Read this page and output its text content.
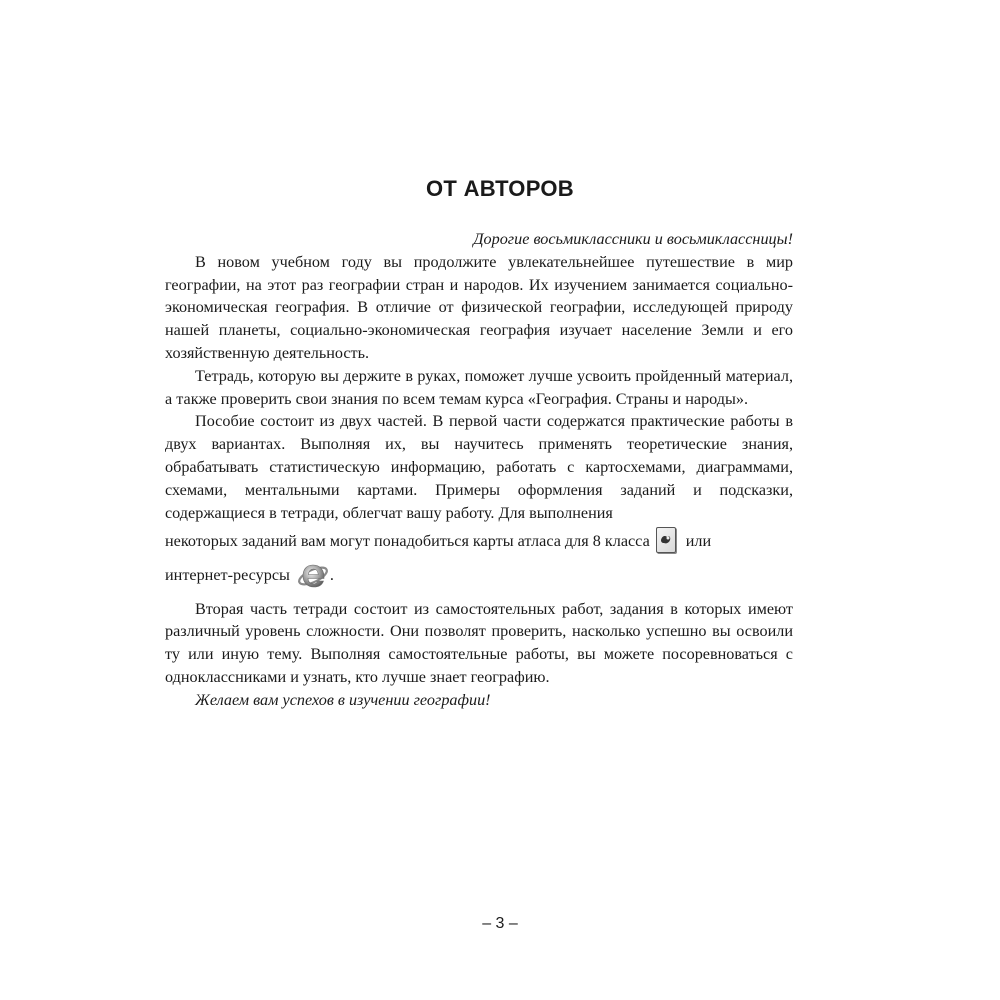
ОТ АВТОРОВ

Дорогие восьмиклассники и восьмиклассницы!

В новом учебном году вы продолжите увлекательнейшее путешествие в мир географии, на этот раз географии стран и народов. Их изучением занимается социально-экономическая география. В отличие от физической географии, исследующей природу нашей планеты, социально-экономическая география изучает население Земли и его хозяйственную деятельность.

Тетрадь, которую вы держите в руках, поможет лучше усвоить пройденный материал, а также проверить свои знания по всем темам курса «География. Страны и народы».

Пособие состоит из двух частей. В первой части содержатся практические работы в двух вариантах. Выполняя их, вы научитесь применять теоретические знания, обрабатывать статистическую информацию, работать с картосхемами, диаграммами, схемами, ментальными картами. Примеры оформления заданий и подсказки, содержащиеся в тетради, облегчат вашу работу. Для выполнения

некоторых заданий вам могут понадобиться карты атласа для 8 класса или

интернет-ресурсы .

Вторая часть тетради состоит из самостоятельных работ, задания в которых имеют различный уровень сложности. Они позволят проверить, насколько успешно вы освоили ту или иную тему. Выполняя самостоятельные работы, вы можете посоревноваться с одноклассниками и узнать, кто лучше знает географию.

Желаем вам успехов в изучении географии!

– 3 –
